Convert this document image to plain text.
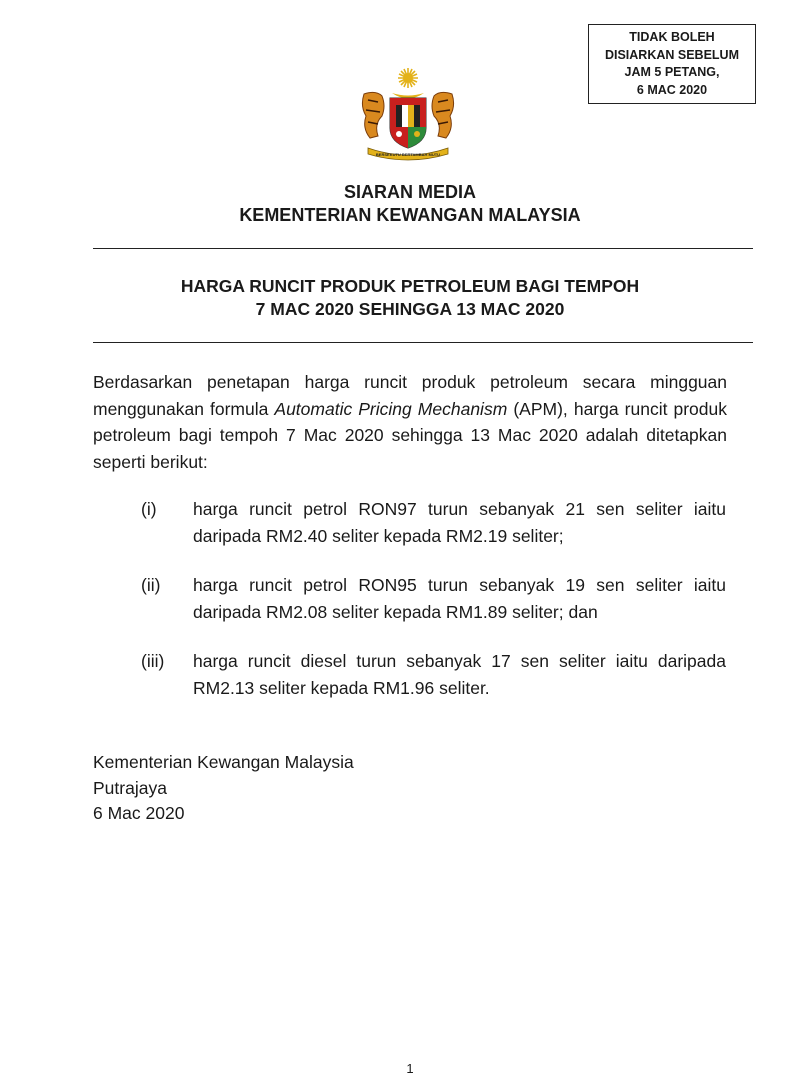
TIDAK BOLEH
DISIARKAN SEBELUM
JAM 5 PETANG,
6 MAC 2020
BERSEKUTU BERTAMBAH MUTU
SIARAN MEDIA
KEMENTERIAN KEWANGAN MALAYSIA
HARGA RUNCIT PRODUK PETROLEUM BAGI TEMPOH
7 MAC 2020 SEHINGGA 13 MAC 2020

Berdasarkan penetapan harga runcit produk petroleum secara mingguan menggunakan formula Automatic Pricing Mechanism (APM), harga runcit produk petroleum bagi tempoh 7 Mac 2020 sehingga 13 Mac 2020 adalah ditetapkan seperti berikut:

(i)	harga runcit petrol RON97 turun sebanyak 21 sen seliter iaitu daripada RM2.40 seliter kepada RM2.19 seliter;
(ii)	harga runcit petrol RON95 turun sebanyak 19 sen seliter iaitu daripada RM2.08 seliter kepada RM1.89 seliter; dan
(iii)	harga runcit diesel turun sebanyak 17 sen seliter iaitu daripada RM2.13 seliter kepada RM1.96 seliter.
Kementerian Kewangan Malaysia
Putrajaya
6 Mac 2020
1
